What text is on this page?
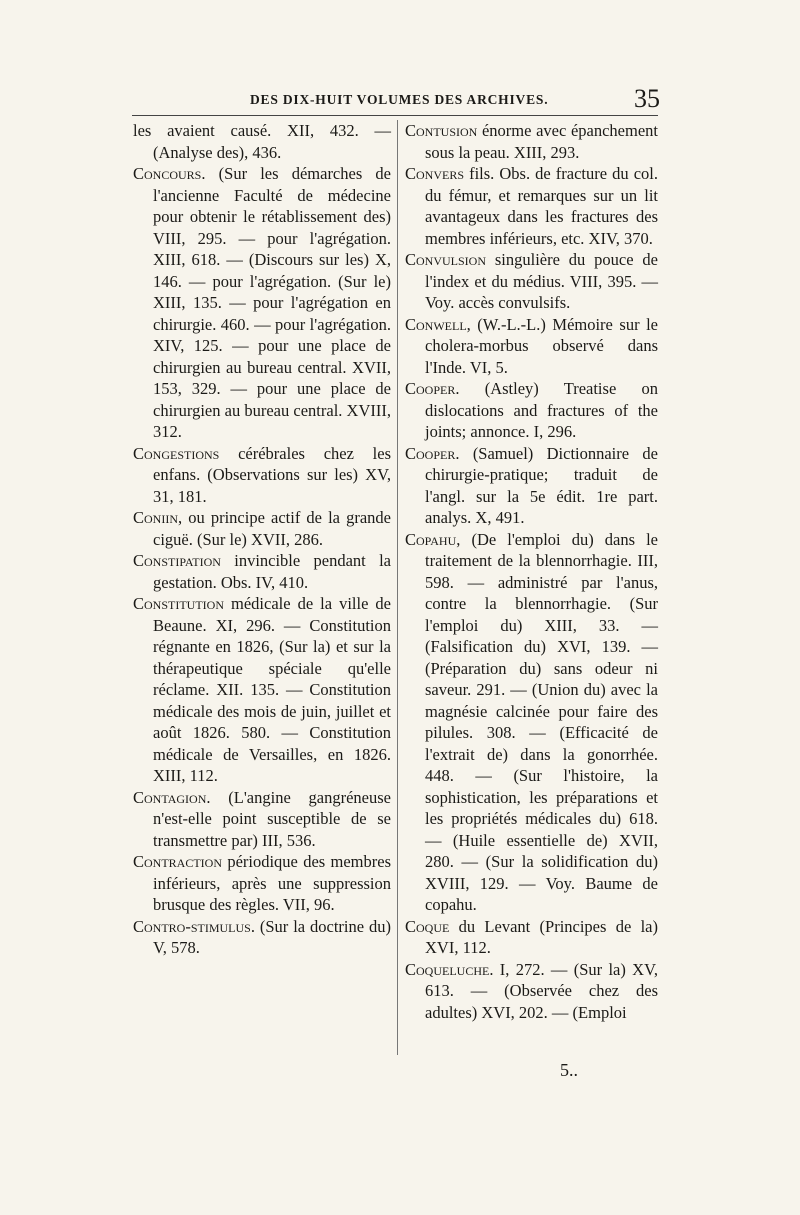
DES DIX-HUIT VOLUMES DES ARCHIVES.	35

les avaient causé. XII, 432. — (Analyse des), 436.

Concours. (Sur les démarches de l'ancienne Faculté de médecine pour obtenir le rétablissement des) VIII, 295. — pour l'agrégation. XIII, 618. — (Discours sur les) X, 146. — pour l'agrégation. (Sur le) XIII, 135. — pour l'agrégation en chirurgie. 460. — pour l'agrégation. XIV, 125. — pour une place de chirurgien au bureau central. XVII, 153, 329. — pour une place de chirurgien au bureau central. XVIII, 312.

Congestions cérébrales chez les enfans. (Observations sur les) XV, 31, 181.

Coniin, ou principe actif de la grande ciguë. (Sur le) XVII, 286.

Constipation invincible pendant la gestation. Obs. IV, 410.

Constitution médicale de la ville de Beaune. XI, 296. — Constitution régnante en 1826, (Sur la) et sur la thérapeutique spéciale qu'elle réclame. XII. 135. — Constitution médicale des mois de juin, juillet et août 1826. 580. — Constitution médicale de Versailles, en 1826. XIII, 112.

Contagion. (L'angine gangréneuse n'est-elle point susceptible de se transmettre par) III, 536.

Contraction périodique des membres inférieurs, après une suppression brusque des règles. VII, 96.

Contro-stimulus. (Sur la doctrine du) V, 578.

Contusion énorme avec épanchement sous la peau. XIII, 293.

Convers fils. Obs. de fracture du col. du fémur, et remarques sur un lit avantageux dans les fractures des membres inférieurs, etc. XIV, 370.

Convulsion singulière du pouce de l'index et du médius. VIII, 395. — Voy. accès convulsifs.

Conwell, (W.-L.-L.) Mémoire sur le cholera-morbus observé dans l'Inde. VI, 5.

Cooper. (Astley) Treatise on dislocations and fractures of the joints; annonce. I, 296.

Cooper. (Samuel) Dictionnaire de chirurgie-pratique; traduit de l'angl. sur la 5e édit. 1re part. analys. X, 491.

Copahu, (De l'emploi du) dans le traitement de la blennorrhagie. III, 598. — administré par l'anus, contre la blennorrhagie. (Sur l'emploi du) XIII, 33. — (Falsification du) XVI, 139. — (Préparation du) sans odeur ni saveur. 291. — (Union du) avec la magnésie calcinée pour faire des pilules. 308. — (Efficacité de l'extrait de) dans la gonorrhée. 448. — (Sur l'histoire, la sophistication, les préparations et les propriétés médicales du) 618. — (Huile essentielle de) XVII, 280. — (Sur la solidification du) XVIII, 129. — Voy. Baume de copahu.

Coque du Levant (Principes de la) XVI, 112.

Coqueluche. I, 272. — (Sur la) XV, 613. — (Observée chez des adultes) XVI, 202. — (Emploi

5..
